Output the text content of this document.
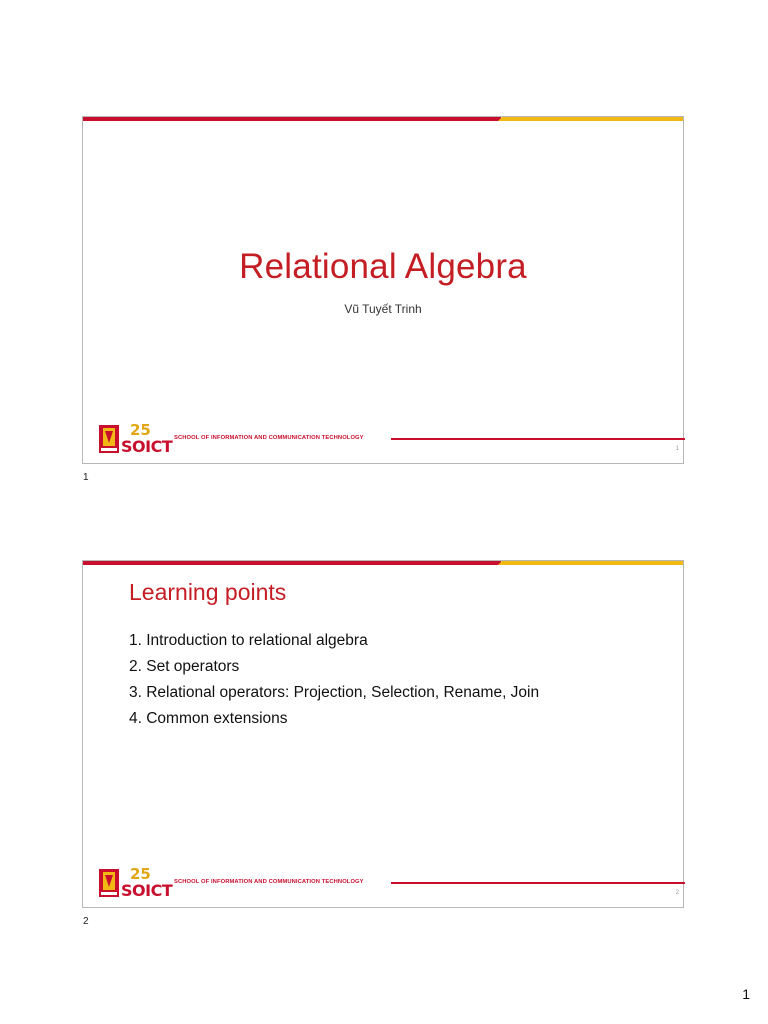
Relational Algebra
Vũ Tuyết Trinh
25
SOICT SCHOOL OF INFORMATION AND COMMUNICATION TECHNOLOGY
1
1
Learning points
1. Introduction to relational algebra
2. Set operators
3. Relational operators: Projection, Selection, Rename, Join
4. Common extensions
25
SOICT SCHOOL OF INFORMATION AND COMMUNICATION TECHNOLOGY
2
2
1
